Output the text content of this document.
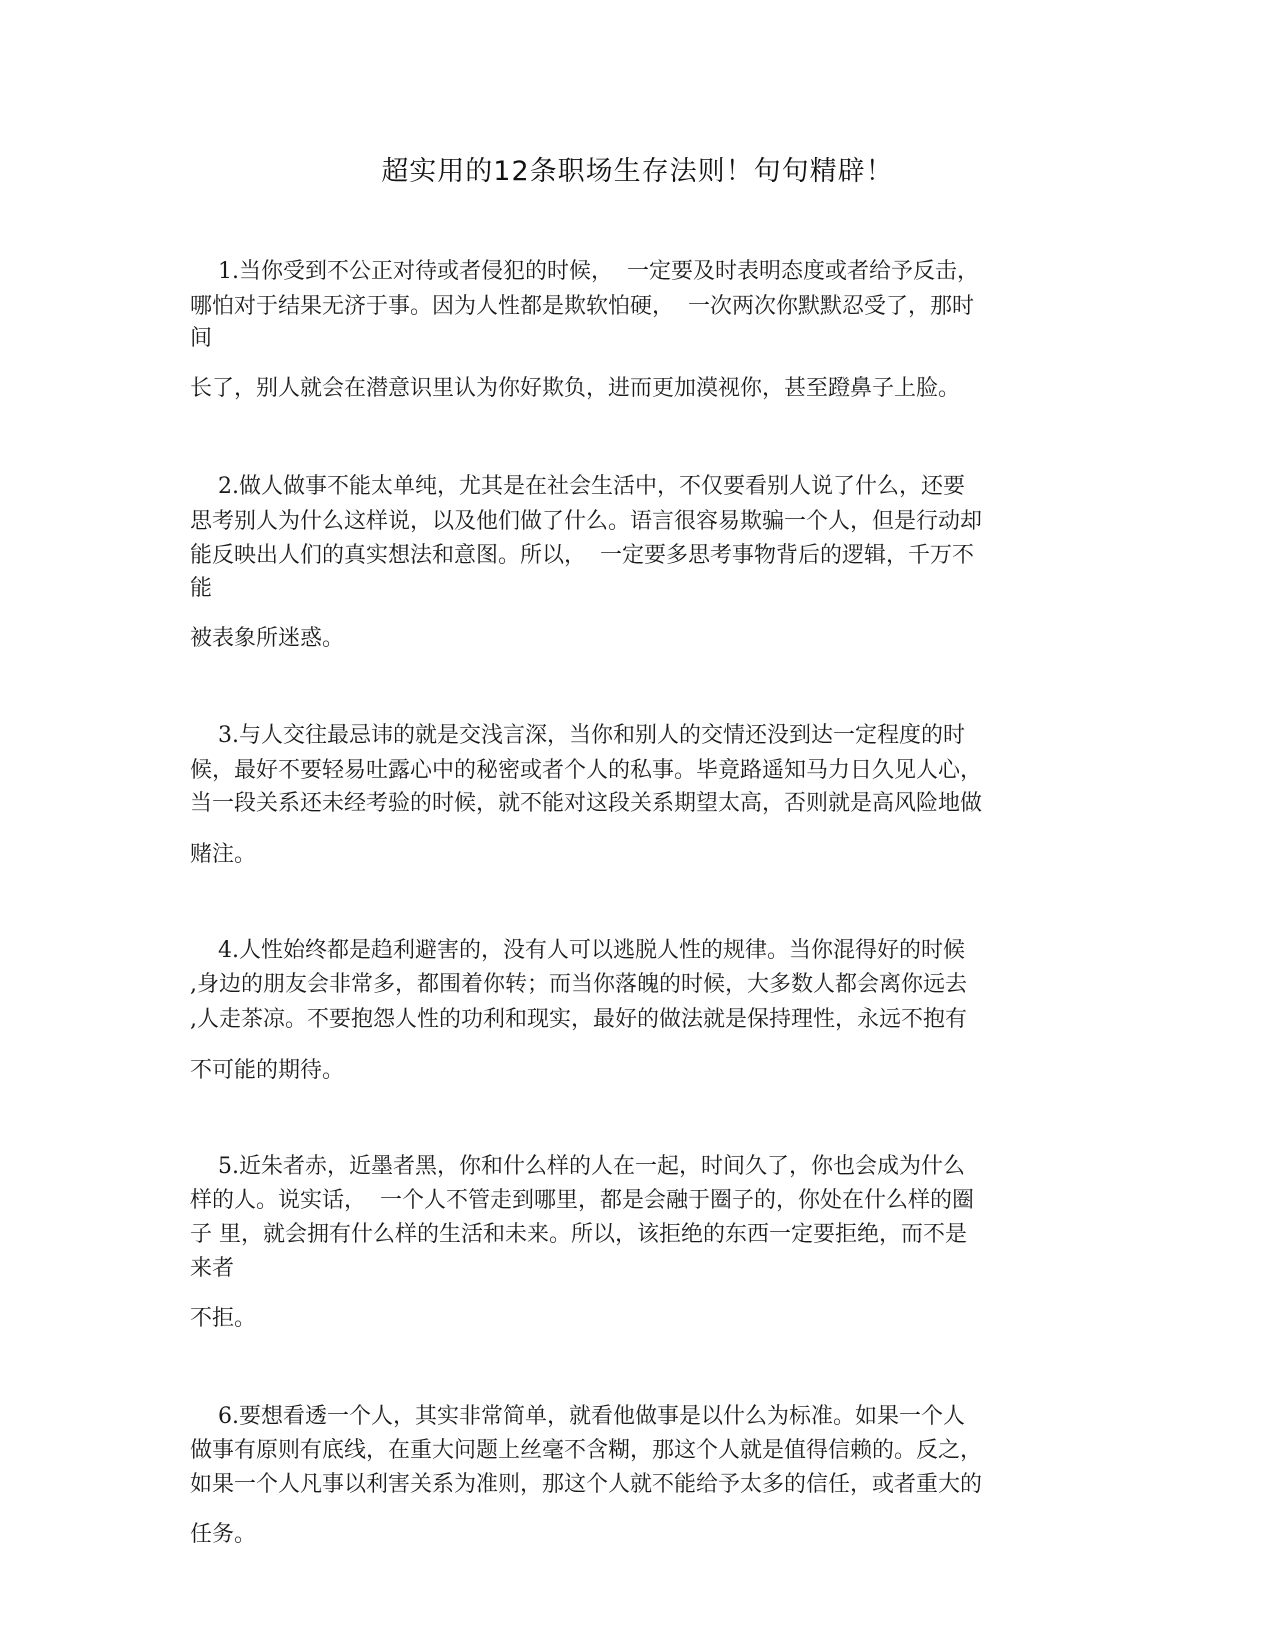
超实用的12条职场生存法则！句句精辟！
1.当你受到不公正对待或者侵犯的时候，  一定要及时表明态度或者给予反击，
哪怕对于结果无济于事。因为人性都是欺软怕硬，  一次两次你默默忍受了，那时
间
长了，别人就会在潜意识里认为你好欺负，进而更加漠视你，甚至蹬鼻子上脸。
2.做人做事不能太单纯，尤其是在社会生活中，不仅要看别人说了什么，还要
思考别人为什么这样说，以及他们做了什么。语言很容易欺骗一个人，但是行动却
能反映出人们的真实想法和意图。所以，  一定要多思考事物背后的逻辑，千万不
能
被表象所迷惑。
3.与人交往最忌讳的就是交浅言深，当你和别人的交情还没到达一定程度的时
候，最好不要轻易吐露心中的秘密或者个人的私事。毕竟路遥知马力日久见人心，
当一段关系还未经考验的时候，就不能对这段关系期望太高，否则就是高风险地做
赌注。
4.人性始终都是趋利避害的，没有人可以逃脱人性的规律。当你混得好的时候
,身边的朋友会非常多，都围着你转；而当你落魄的时候，大多数人都会离你远去
,人走茶凉。不要抱怨人性的功利和现实，最好的做法就是保持理性，永远不抱有
不可能的期待。
5.近朱者赤，近墨者黑，你和什么样的人在一起，时间久了，你也会成为什么
样的人。说实话，  一个人不管走到哪里，都是会融于圈子的，你处在什么样的圈
子 里，就会拥有什么样的生活和未来。所以，该拒绝的东西一定要拒绝，而不是
来者
不拒。
6.要想看透一个人，其实非常简单，就看他做事是以什么为标准。如果一个人
做事有原则有底线，在重大问题上丝毫不含糊，那这个人就是值得信赖的。反之，
如果一个人凡事以利害关系为准则，那这个人就不能给予太多的信任，或者重大的
任务。
